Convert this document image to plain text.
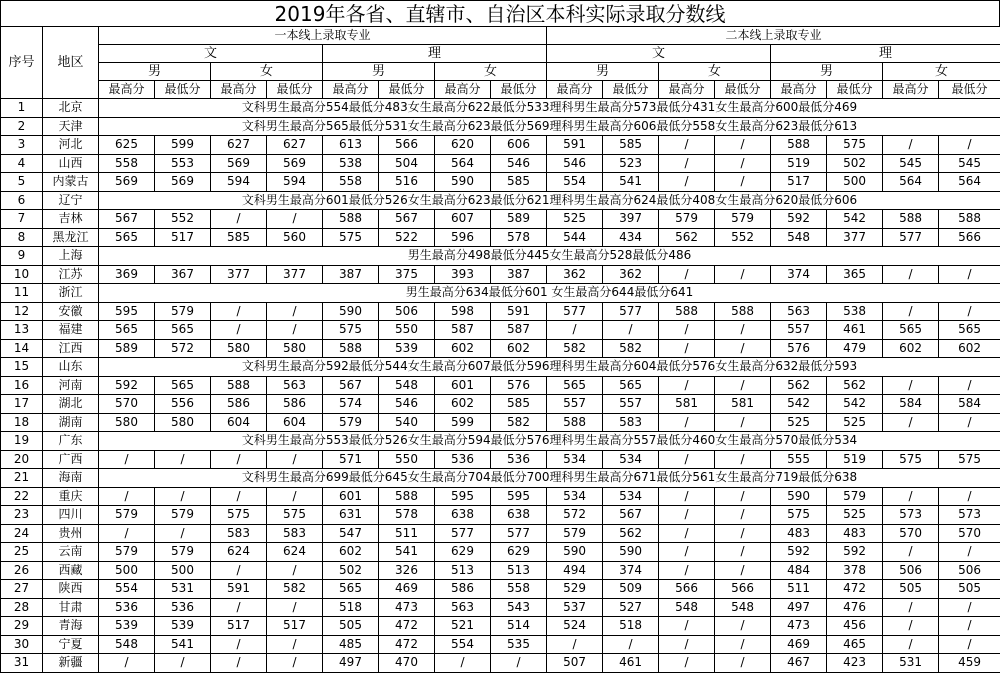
2019年各省、直辖市、自治区本科实际录取分数线
序号	地区	一本线上录取专业								二本线上录取专业							
		文				理				文				理			
		男		女		男		女		男		女		男		女	
		最高分	最低分	最高分	最低分	最高分	最低分	最高分	最低分	最高分	最低分	最高分	最低分	最高分	最低分	最高分	最低分
1	北京	文科男生最高分554最低分483女生最高分622最低分533理科男生最高分573最低分431女生最高分600最低分469															
2	天津	文科男生最高分565最低分531女生最高分623最低分569理科男生最高分606最低分558女生最高分623最低分613															
3	河北	625	599	627	627	613	566	620	606	591	585	/	/	588	575	/	/
4	山西	558	553	569	569	538	504	564	546	546	523	/	/	519	502	545	545
5	内蒙古	569	569	594	594	558	516	590	585	554	541	/	/	517	500	564	564
6	辽宁	文科男生最高分601最低分526女生最高分623最低分621理科男生最高分624最低分408女生最高分620最低分606															
7	吉林	567	552	/	/	588	567	607	589	525	397	579	579	592	542	588	588
8	黑龙江	565	517	585	560	575	522	596	578	544	434	562	552	548	377	577	566
9	上海	男生最高分498最低分445女生最高分528最低分486															
10	江苏	369	367	377	377	387	375	393	387	362	362	/	/	374	365	/	/
11	浙江	男生最高分634最低分601 女生最高分644最低分641															
12	安徽	595	579	/	/	590	506	598	591	577	577	588	588	563	538	/	/
13	福建	565	565	/	/	575	550	587	587	/	/	/	/	557	461	565	565
14	江西	589	572	580	580	588	539	602	602	582	582	/	/	576	479	602	602
15	山东	文科男生最高分592最低分544女生最高分607最低分596理科男生最高分604最低分576女生最高分632最低分593															
16	河南	592	565	588	563	567	548	601	576	565	565	/	/	562	562	/	/
17	湖北	570	556	586	586	574	546	602	585	557	557	581	581	542	542	584	584
18	湖南	580	580	604	604	579	540	599	582	588	583	/	/	525	525	/	/
19	广东	文科男生最高分553最低分526女生最高分594最低分576理科男生最高分557最低分460女生最高分570最低分534															
20	广西	/	/	/	/	571	550	536	536	534	534	/	/	555	519	575	575
21	海南	文科男生最高分699最低分645女生最高分704最低分700理科男生最高分671最低分561女生最高分719最低分638															
22	重庆	/	/	/	/	601	588	595	595	534	534	/	/	590	579	/	/
23	四川	579	579	575	575	631	578	638	638	572	567	/	/	575	525	573	573
24	贵州	/	/	583	583	547	511	577	577	579	562	/	/	483	483	570	570
25	云南	579	579	624	624	602	541	629	629	590	590	/	/	592	592	/	/
26	西藏	500	500	/	/	502	326	513	513	494	374	/	/	484	378	506	506
27	陕西	554	531	591	582	565	469	586	558	529	509	566	566	511	472	505	505
28	甘肃	536	536	/	/	518	473	563	543	537	527	548	548	497	476	/	/
29	青海	539	539	517	517	505	472	521	514	524	518	/	/	473	456	/	/
30	宁夏	548	541	/	/	485	472	554	535	/	/	/	/	469	465	/	/
31	新疆	/	/	/	/	497	470	/	/	507	461	/	/	467	423	531	459
